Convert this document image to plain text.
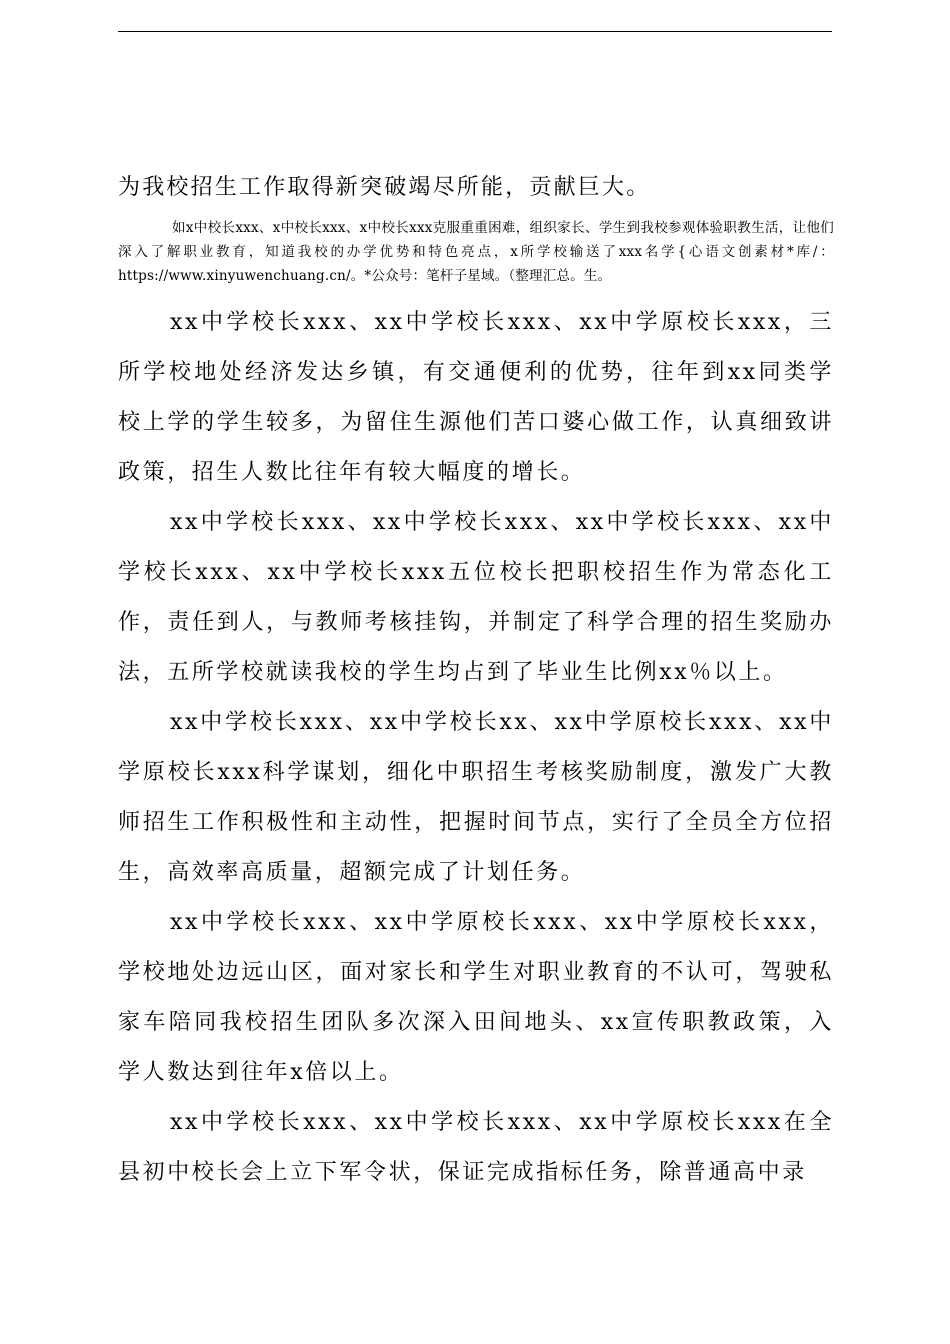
为我校招生工作取得新突破竭尽所能，贡献巨大。

如x中校长xxx、x中校长xxx、x中校长xxx克服重重困难，组织家长、学生到我校参观体验职教生活，让他们深入了解职业教育，知道我校的办学优势和特色亮点，x所学校输送了xxx名学{心语文创素材*库/：https://www.xinyuwenchuang.cn/。*公众号：笔杆子星域。（整理汇总。生。

xx中学校长xxx、xx中学校长xxx、xx中学原校长xxx，三所学校地处经济发达乡镇，有交通便利的优势，往年到xx同类学校上学的学生较多，为留住生源他们苦口婆心做工作，认真细致讲政策，招生人数比往年有较大幅度的增长。

xx中学校长xxx、xx中学校长xxx、xx中学校长xxx、xx中学校长xxx、xx中学校长xxx五位校长把职校招生作为常态化工作，责任到人，与教师考核挂钩，并制定了科学合理的招生奖励办法，五所学校就读我校的学生均占到了毕业生比例xx％以上。

xx中学校长xxx、xx中学校长xx、xx中学原校长xxx、xx中学原校长xxx科学谋划，细化中职招生考核奖励制度，激发广大教师招生工作积极性和主动性，把握时间节点，实行了全员全方位招生，高效率高质量，超额完成了计划任务。

xx中学校长xxx、xx中学原校长xxx、xx中学原校长xxx，学校地处边远山区，面对家长和学生对职业教育的不认可，驾驶私家车陪同我校招生团队多次深入田间地头、xx宣传职教政策，入学人数达到往年x倍以上。

xx中学校长xxx、xx中学校长xxx、xx中学原校长xxx在全县初中校长会上立下军令状，保证完成指标任务，除普通高中录
